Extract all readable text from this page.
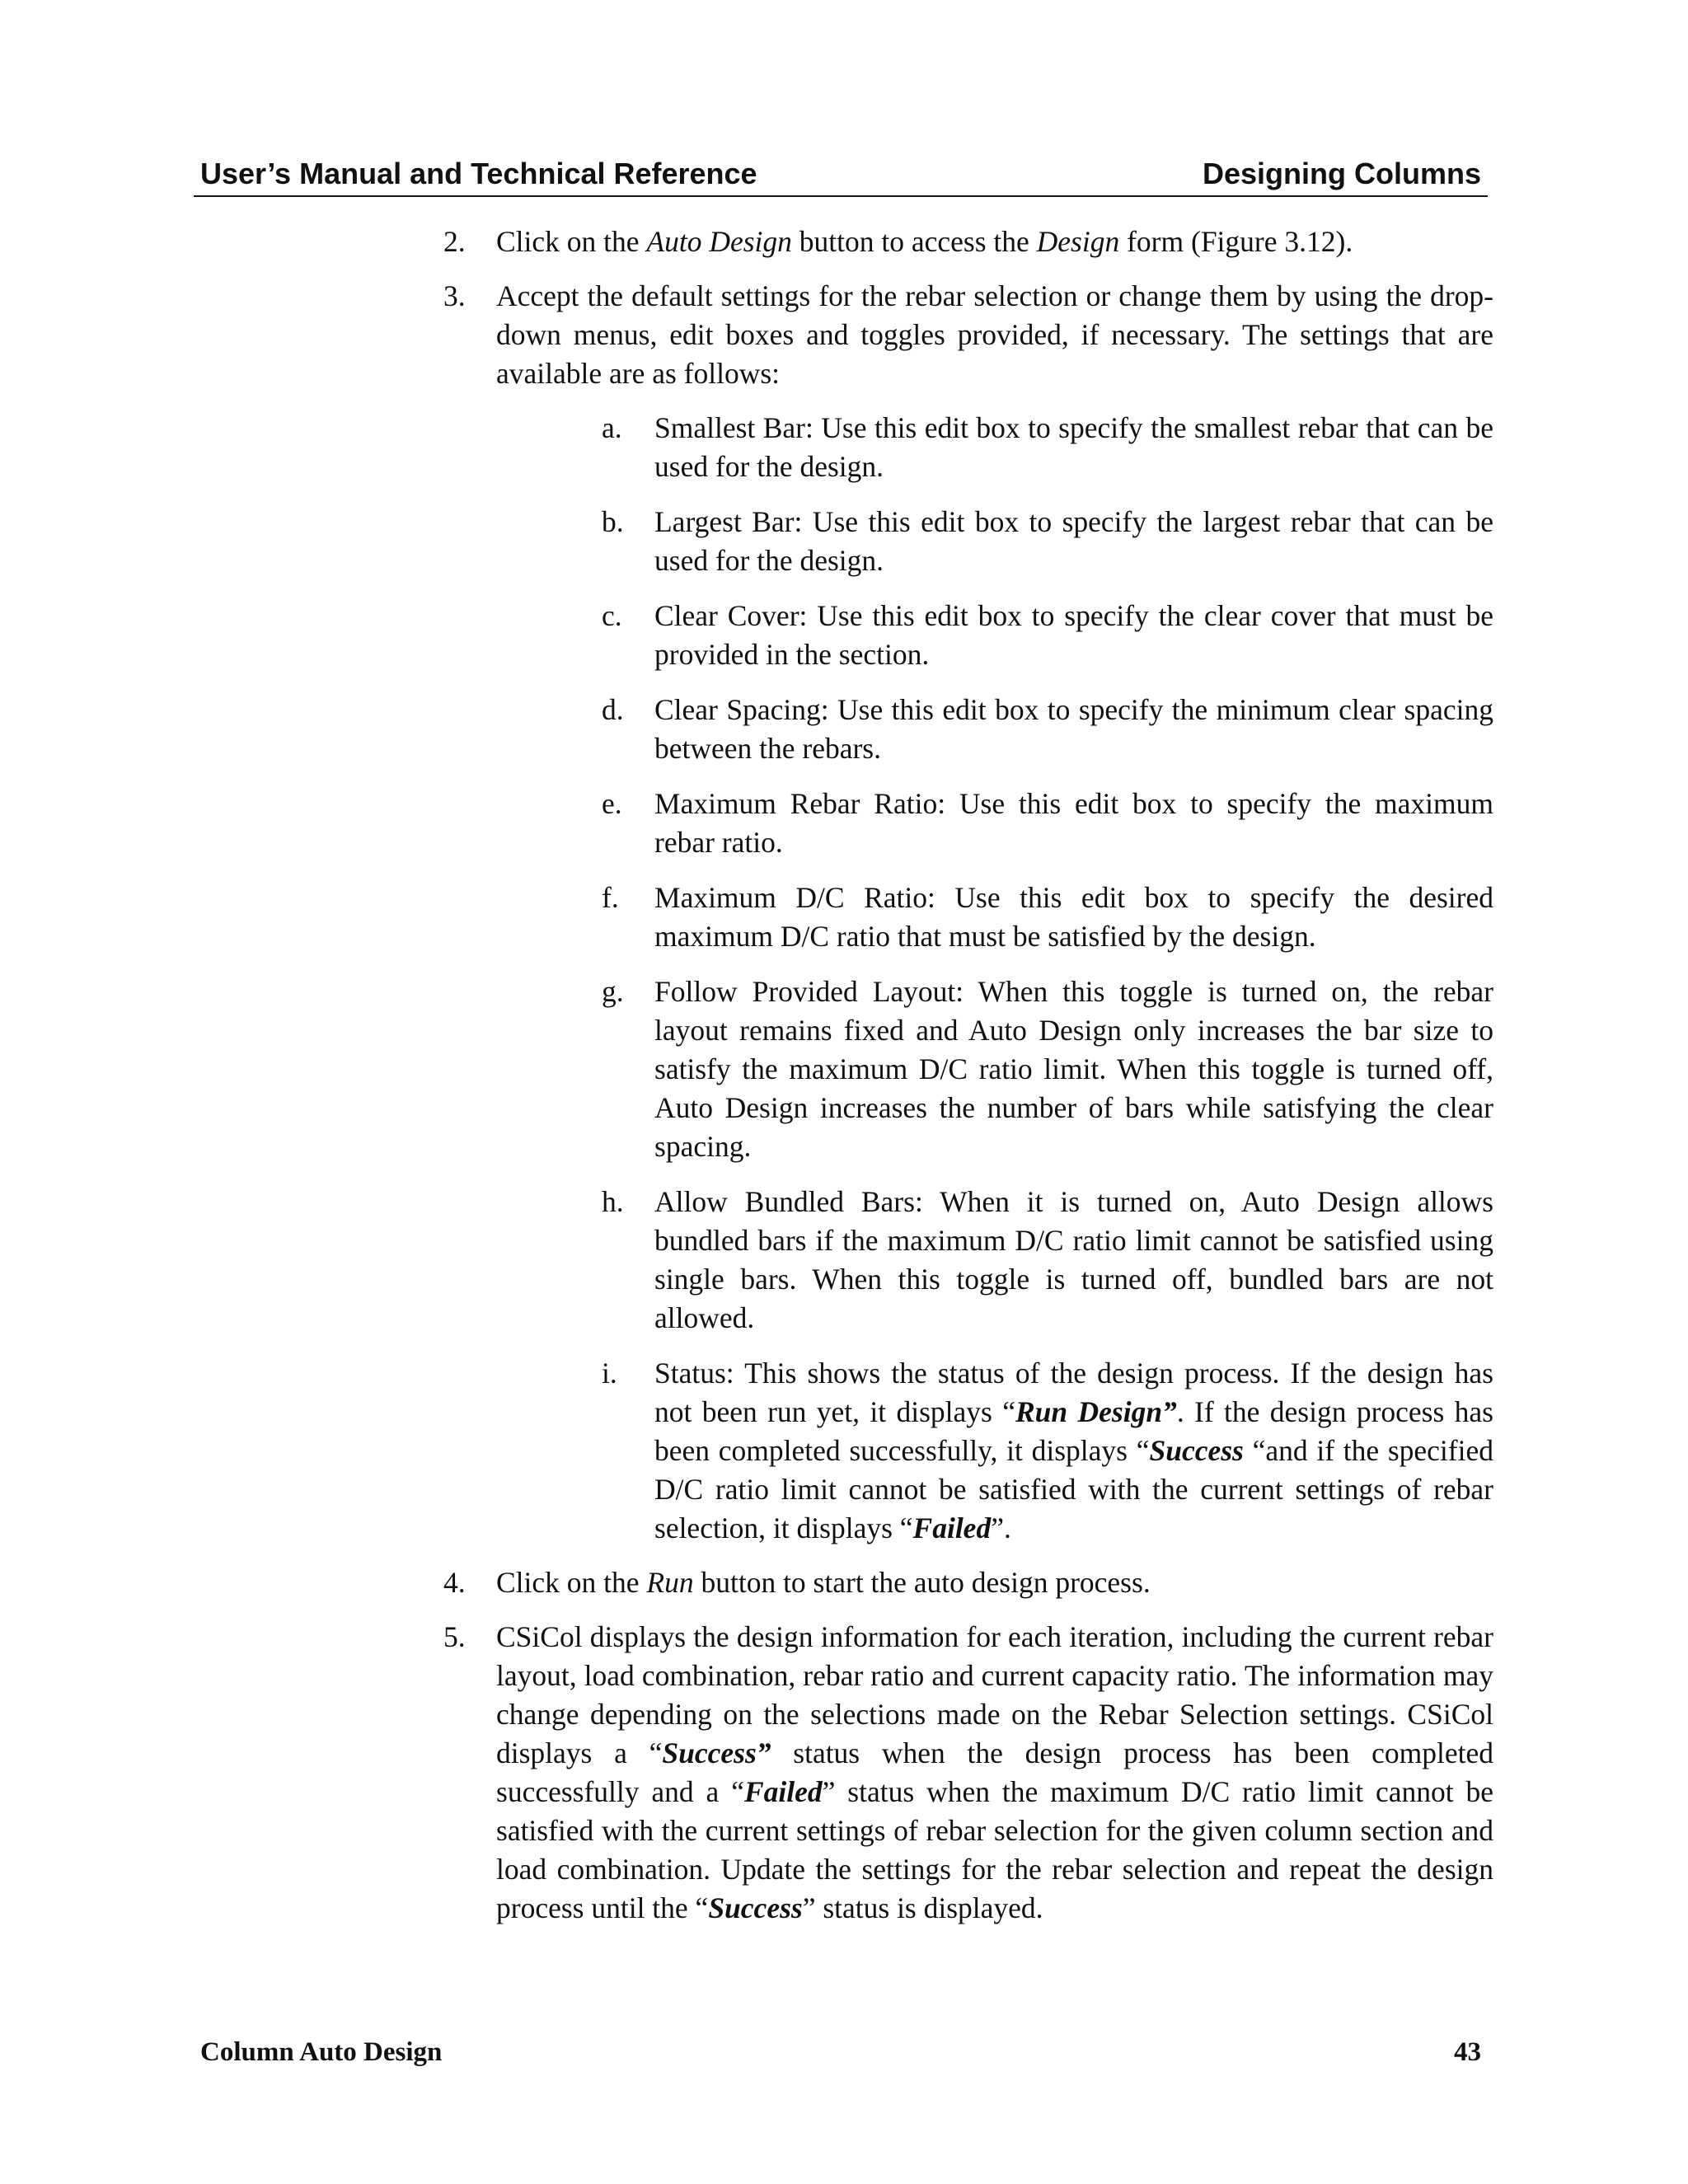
User’s Manual and Technical Reference	Designing Columns
2. Click on the Auto Design button to access the Design form (Figure 3.12).
3. Accept the default settings for the rebar selection or change them by using the drop-down menus, edit boxes and toggles provided, if necessary. The settings that are available are as follows:
a. Smallest Bar: Use this edit box to specify the smallest rebar that can be used for the design.
b. Largest Bar: Use this edit box to specify the largest rebar that can be used for the design.
c. Clear Cover: Use this edit box to specify the clear cover that must be provided in the section.
d. Clear Spacing: Use this edit box to specify the minimum clear spacing between the rebars.
e. Maximum Rebar Ratio: Use this edit box to specify the maximum rebar ratio.
f. Maximum D/C Ratio: Use this edit box to specify the desired maximum D/C ratio that must be satisfied by the design.
g. Follow Provided Layout: When this toggle is turned on, the rebar layout remains fixed and Auto Design only increases the bar size to satisfy the maximum D/C ratio limit. When this toggle is turned off, Auto Design increases the number of bars while satisfying the clear spacing.
h. Allow Bundled Bars: When it is turned on, Auto Design allows bundled bars if the maximum D/C ratio limit cannot be satisfied using single bars. When this toggle is turned off, bundled bars are not allowed.
i. Status: This shows the status of the design process. If the design has not been run yet, it displays “Run Design”. If the design process has been completed successfully, it displays “Success “and if the specified D/C ratio limit cannot be satisfied with the current settings of rebar selection, it displays “Failed”.
4. Click on the Run button to start the auto design process.
5. CSiCol displays the design information for each iteration, including the current rebar layout, load combination, rebar ratio and current capacity ratio. The information may change depending on the selections made on the Rebar Selection settings. CSiCol displays a “Success” status when the design process has been completed successfully and a “Failed” status when the maximum D/C ratio limit cannot be satisfied with the current settings of rebar selection for the given column section and load combination. Update the settings for the rebar selection and repeat the design process until the “Success” status is displayed.
Column Auto Design	43
